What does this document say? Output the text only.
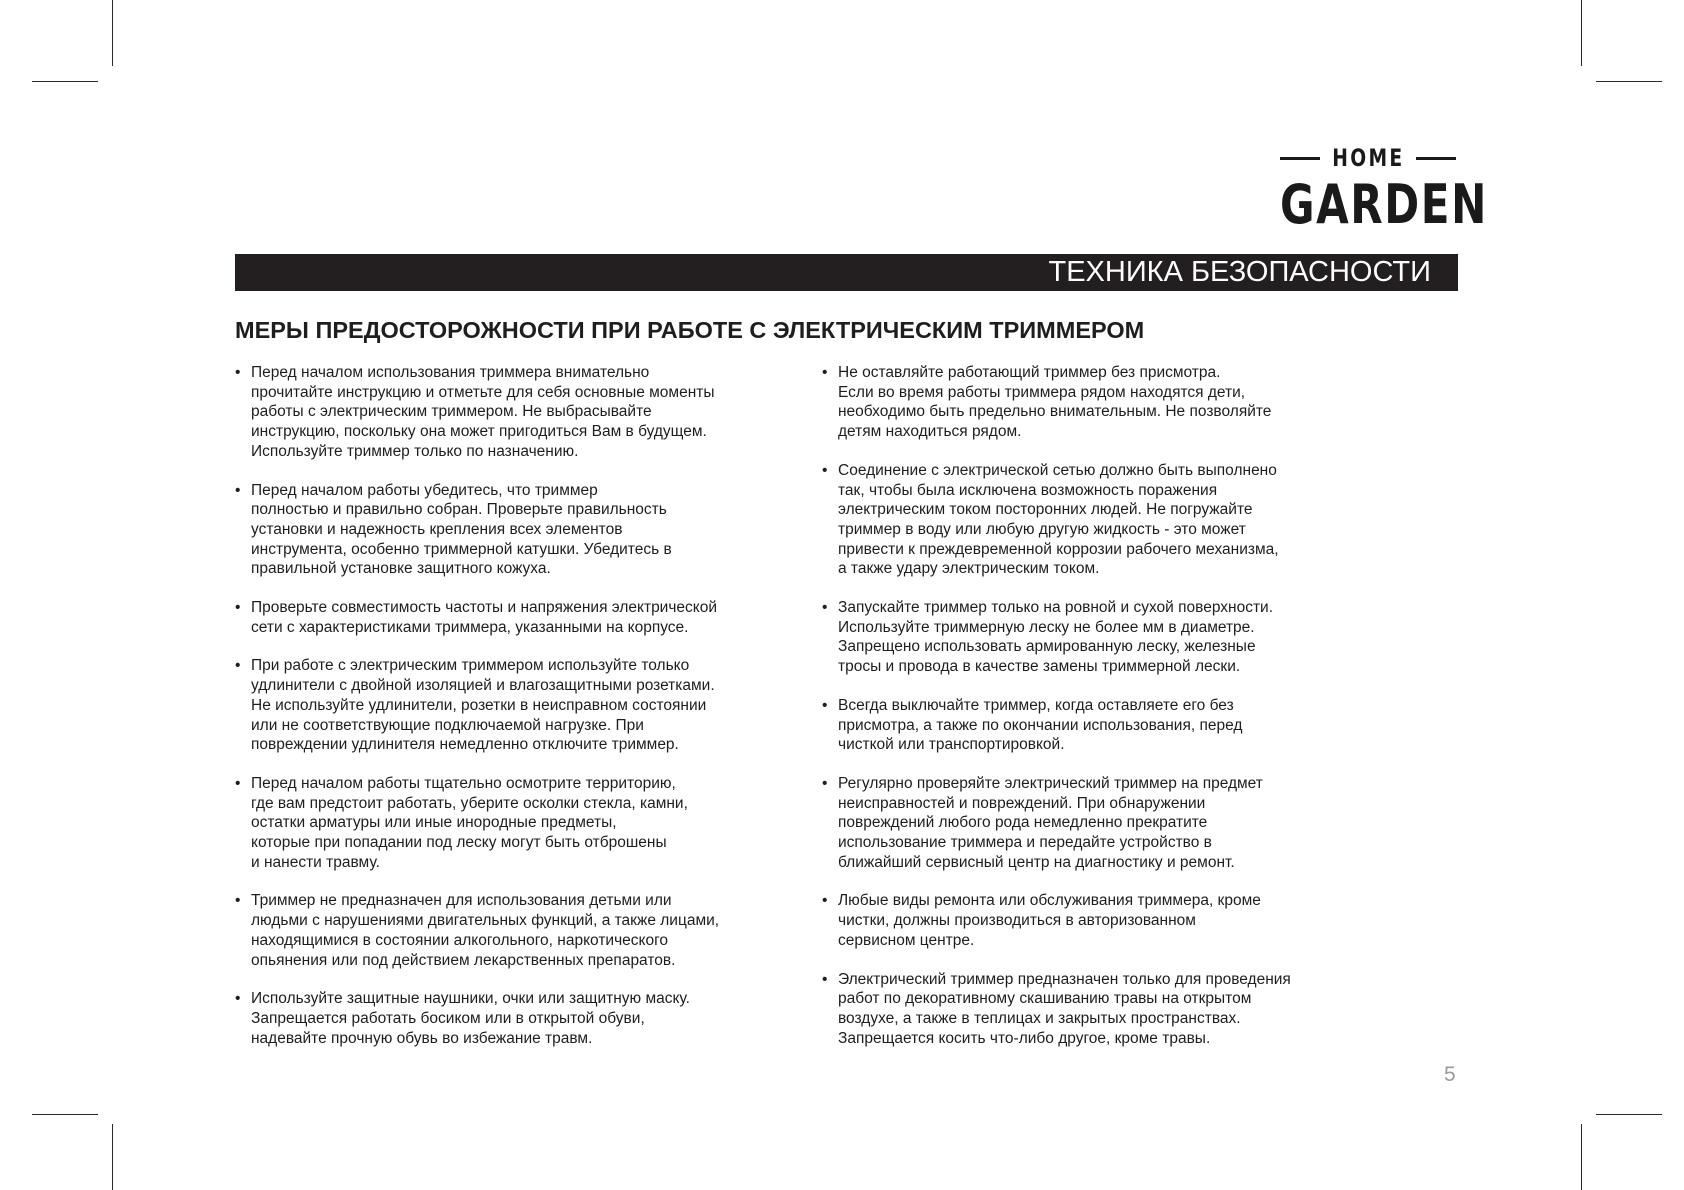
HOME
GARDEN
ТЕХНИКА БЕЗОПАСНОСТИ
МЕРЫ ПРЕДОСТОРОЖНОСТИ ПРИ РАБОТЕ С ЭЛЕКТРИЧЕСКИМ ТРИММЕРОМ
• Перед началом использования триммера внимательно
прочитайте инструкцию и отметьте для себя основные моменты
работы с электрическим триммером. Не выбрасывайте
инструкцию, поскольку она может пригодиться Вам в будущем.
Используйте триммер только по назначению.
• Перед началом работы убедитесь, что триммер
полностью и правильно собран. Проверьте правильность
установки и надежность крепления всех элементов
инструмента, особенно триммерной катушки. Убедитесь в
правильной установке защитного кожуха.
• Проверьте совместимость частоты и напряжения электрической
сети с характеристиками триммера, указанными на корпусе.
• При работе с электрическим триммером используйте только
удлинители с двойной изоляцией и влагозащитными розетками.
Не используйте удлинители, розетки в неисправном состоянии
или не соответствующие подключаемой нагрузке. При
повреждении удлинителя немедленно отключите триммер.
• Перед началом работы тщательно осмотрите территорию,
где вам предстоит работать, уберите осколки стекла, камни,
остатки арматуры или иные инородные предметы,
которые при попадании под леску могут быть отброшены
и нанести травму.
• Триммер не предназначен для использования детьми или
людьми с нарушениями двигательных функций, а также лицами,
находящимися в состоянии алкогольного, наркотического
опьянения или под действием лекарственных препаратов.
• Используйте защитные наушники, очки или защитную маску.
Запрещается работать босиком или в открытой обуви,
надевайте прочную обувь во избежание травм.
• Не оставляйте работающий триммер без присмотра.
Если во время работы триммера рядом находятся дети,
необходимо быть предельно внимательным. Не позволяйте
детям находиться рядом.
• Соединение с электрической сетью должно быть выполнено
так, чтобы была исключена возможность поражения
электрическим током посторонних людей. Не погружайте
триммер в воду или любую другую жидкость - это может
привести к преждевременной коррозии рабочего механизма,
а также удару электрическим током.
• Запускайте триммер только на ровной и сухой поверхности.
Используйте триммерную леску не более мм в диаметре.
Запрещено использовать армированную леску, железные
тросы и провода в качестве замены триммерной лески.
• Всегда выключайте триммер, когда оставляете его без
присмотра, а также по окончании использования, перед
чисткой или транспортировкой.
• Регулярно проверяйте электрический триммер на предмет
неисправностей и повреждений. При обнаружении
повреждений любого рода немедленно прекратите
использование триммера и передайте устройство в
ближайший сервисный центр на диагностику и ремонт.
• Любые виды ремонта или обслуживания триммера, кроме
чистки, должны производиться в авторизованном
сервисном центре.
• Электрический триммер предназначен только для проведения
работ по декоративному скашиванию травы на открытом
воздухе, а также в теплицах и закрытых пространствах.
Запрещается косить что-либо другое, кроме травы.
5
